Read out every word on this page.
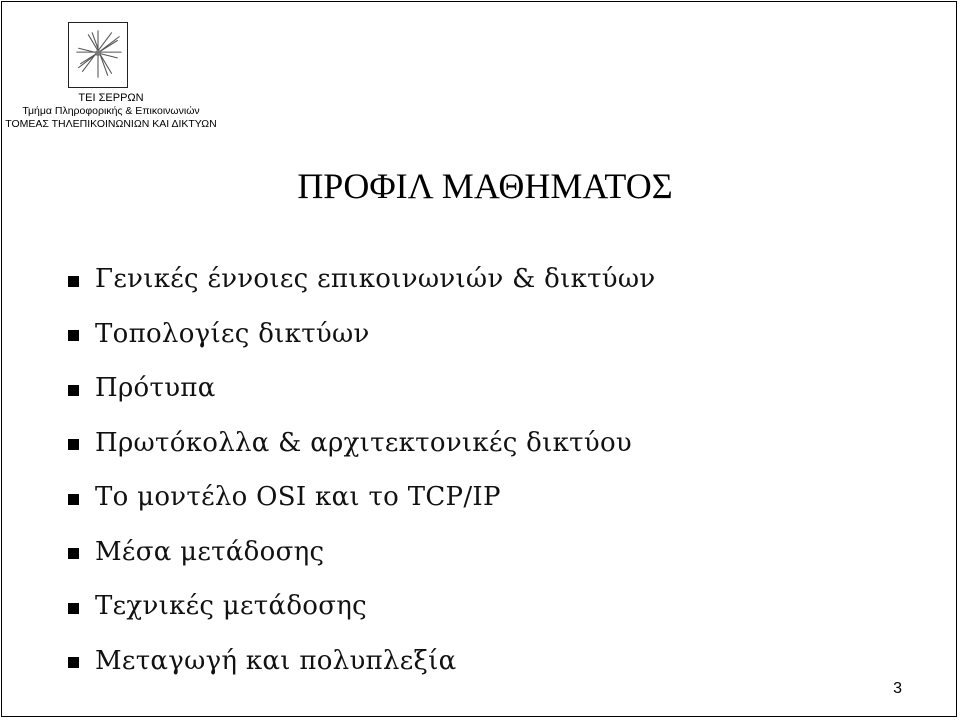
ΤΕΙ ΣΕΡΡΩΝ
Τμήμα Πληροφορικής & Επικοινωνιών
ΤΟΜΕΑΣ ΤΗΛΕΠΙΚΟΙΝΩΝΙΩΝ ΚΑΙ ΔΙΚΤΥΩΝ
ΠΡΟΦΙΛ ΜΑΘΗΜΑΤΟΣ
Γενικές έννοιες επικοινωνιών & δικτύων
Τοπολογίες δικτύων
Πρότυπα
Πρωτόκολλα & αρχιτεκτονικές δικτύου
Το μοντέλο OSI και το TCP/IP
Μέσα μετάδοσης
Τεχνικές μετάδοσης
Μεταγωγή και πολυπλεξία
3
